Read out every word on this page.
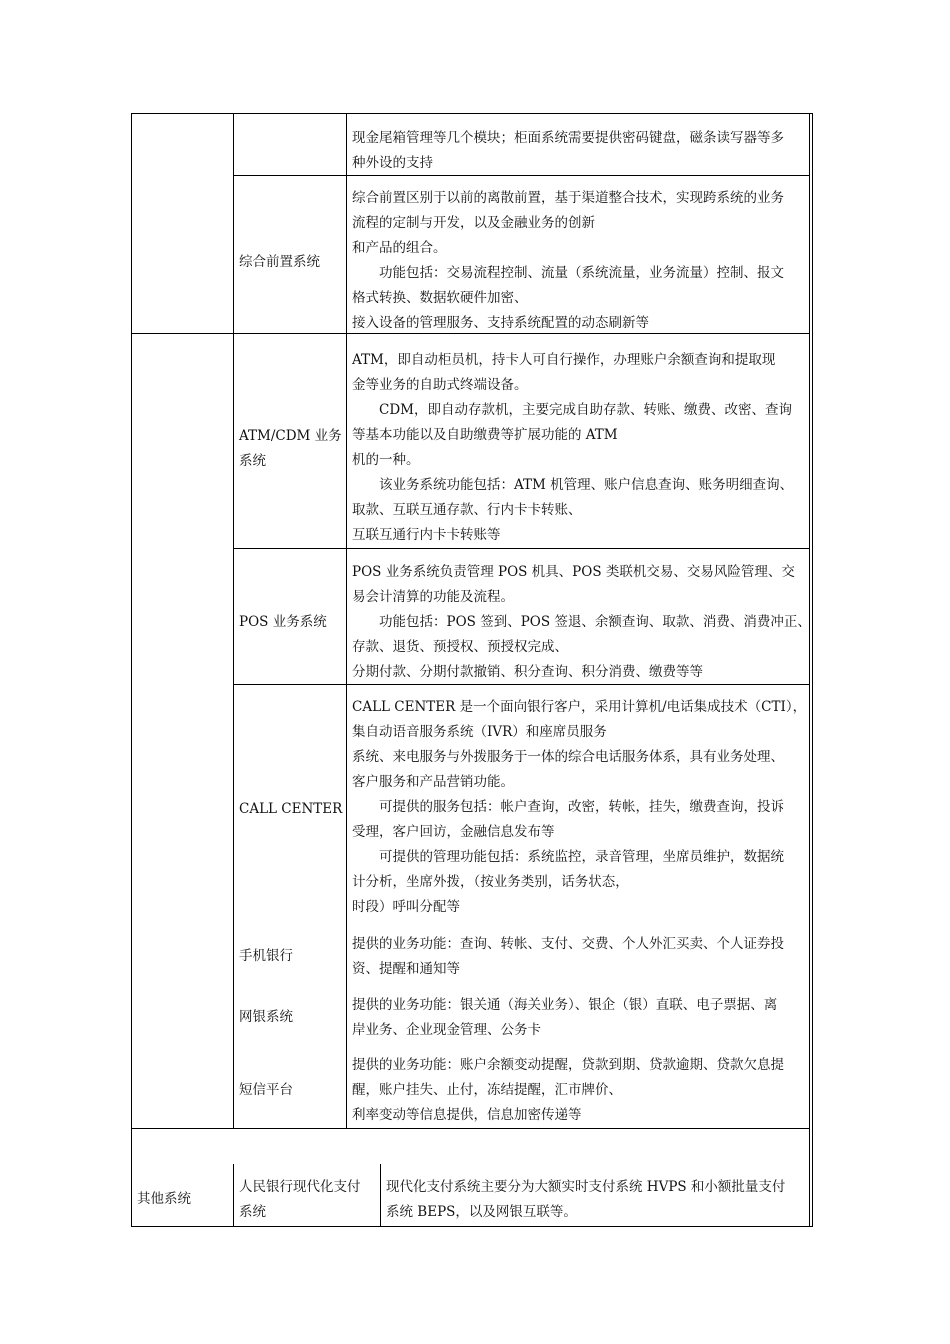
现金尾箱管理等几个模块；柜面系统需要提供密码键盘，磁条读写器等多

种外设的支持

综合前置系统

综合前置区别于以前的离散前置，基于渠道整合技术，实现跨系统的业务

流程的定制与开发，以及金融业务的创新

和产品的组合。

　　功能包括：交易流程控制、流量（系统流量，业务流量）控制、报文

格式转换、数据软硬件加密、

接入设备的管理服务、支持系统配置的动态刷新等

ATM/CDM 业务

系统

ATM，即自动柜员机，持卡人可自行操作，办理账户余额查询和提取现

金等业务的自助式终端设备。

　　CDM，即自动存款机，主要完成自助存款、转账、缴费、改密、查询

等基本功能以及自助缴费等扩展功能的 ATM

机的一种。

　　该业务系统功能包括：ATM 机管理、账户信息查询、账务明细查询、

取款、互联互通存款、行内卡卡转账、

互联互通行内卡卡转账等

POS 业务系统

POS 业务系统负责管理 POS 机具、POS 类联机交易、交易风险管理、交

易会计清算的功能及流程。

　　功能包括：POS 签到、POS 签退、余额查询、取款、消费、消费冲正、

存款、退货、预授权、预授权完成、

分期付款、分期付款撤销、积分查询、积分消费、缴费等等

CALL CENTER

CALL CENTER 是一个面向银行客户，采用计算机/电话集成技术（CTI），

集自动语音服务系统（IVR）和座席员服务

系统、来电服务与外拨服务于一体的综合电话服务体系，具有业务处理、

客户服务和产品营销功能。

　　可提供的服务包括：帐户查询，改密，转帐，挂失，缴费查询，投诉

受理，客户回访，金融信息发布等

　　可提供的管理功能包括：系统监控，录音管理，坐席员维护，数据统

计分析，坐席外拨，（按业务类别，话务状态，

时段）呼叫分配等

手机银行

提供的业务功能：查询、转帐、支付、交费、个人外汇买卖、个人证券投

资、提醒和通知等

网银系统

提供的业务功能：银关通（海关业务）、银企（银）直联、电子票据、离

岸业务、企业现金管理、公务卡

短信平台

提供的业务功能：账户余额变动提醒，贷款到期、贷款逾期、贷款欠息提

醒，账户挂失、止付，冻结提醒，汇市牌价、

利率变动等信息提供，信息加密传递等

其他系统

人民银行现代化支付

系统

现代化支付系统主要分为大额实时支付系统 HVPS 和小额批量支付

系统 BEPS，以及网银互联等。
